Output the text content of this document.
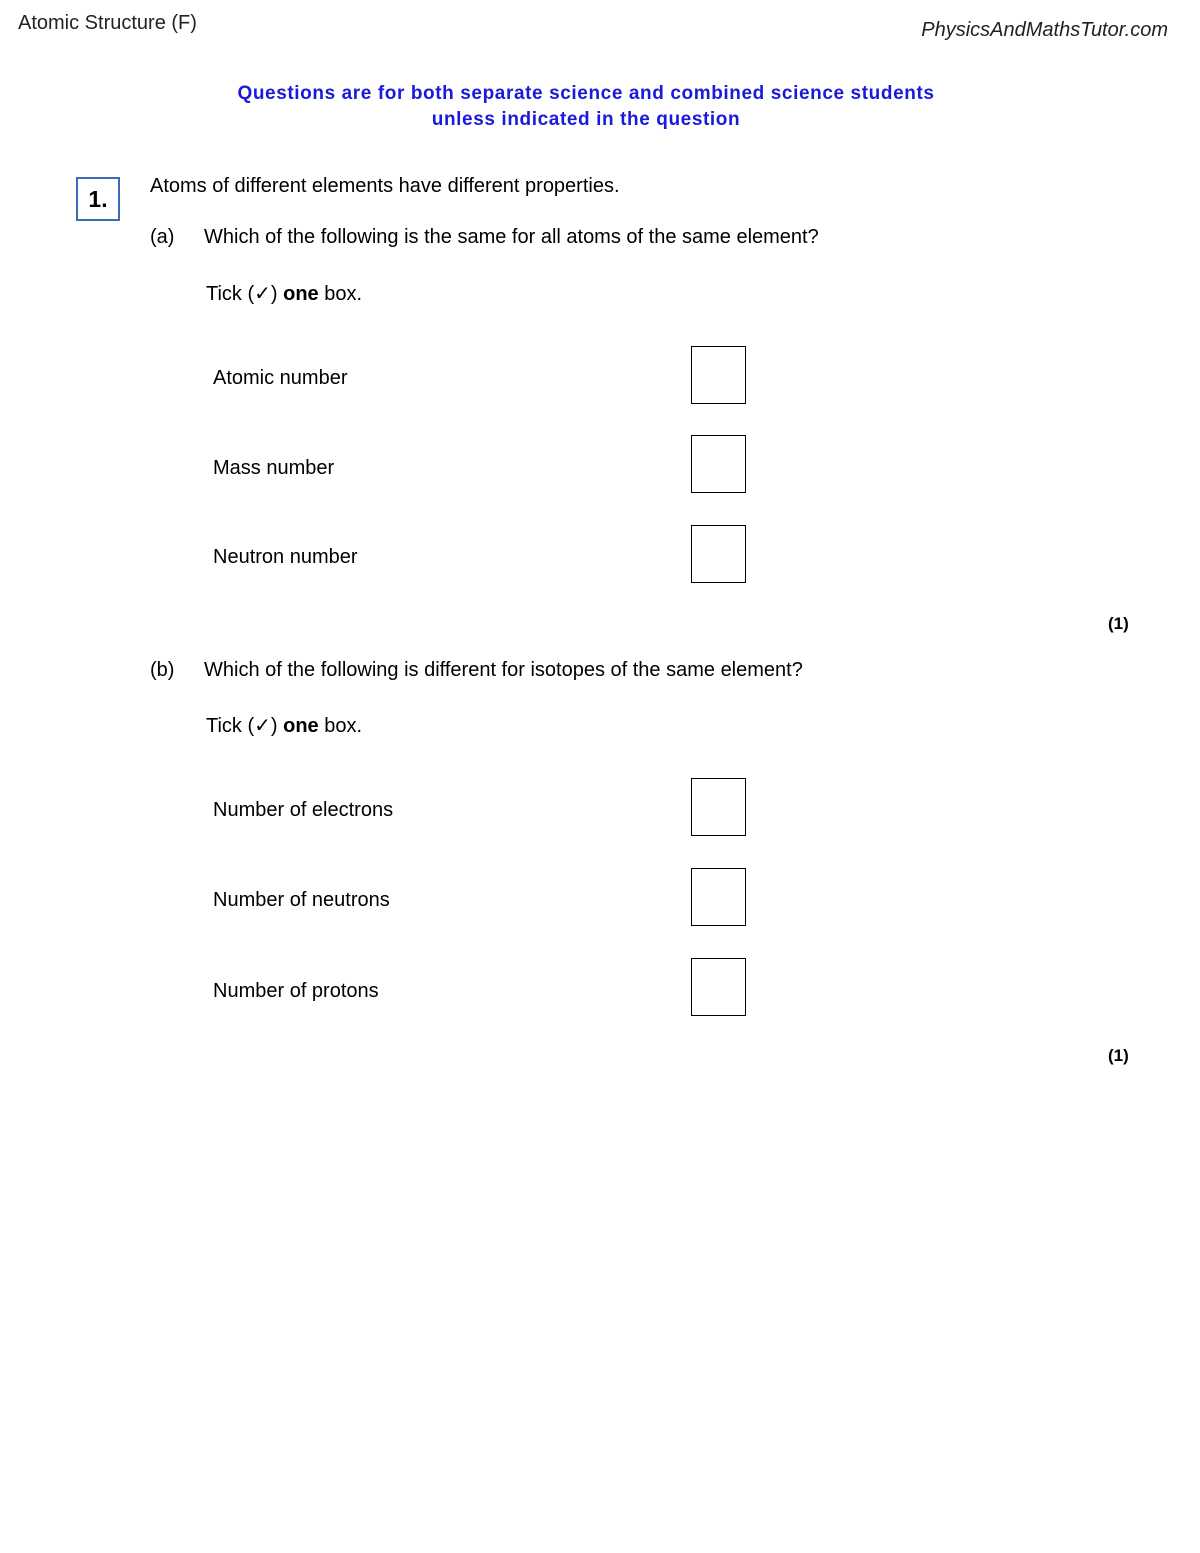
Atomic Structure (F)	PhysicsAndMathsTutor.com
Questions are for both separate science and combined science students
unless indicated in the question
1.	Atoms of different elements have different properties.
(a) Which of the following is the same for all atoms of the same element?
Tick (✓) one box.
Atomic number
Mass number
Neutron number
(1)
(b) Which of the following is different for isotopes of the same element?
Tick (✓) one box.
Number of electrons
Number of neutrons
Number of protons
(1)
